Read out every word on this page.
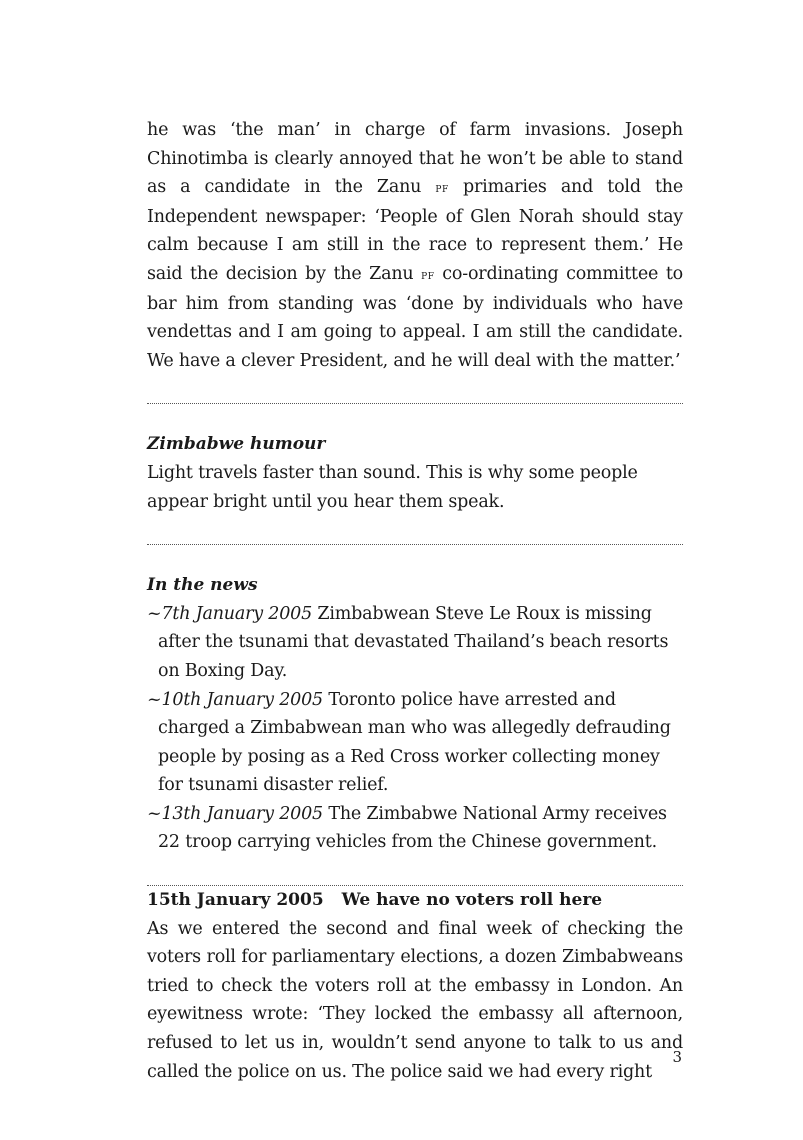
he was ‘the man’ in charge of farm invasions. Joseph Chinotimba is clearly annoyed that he won’t be able to stand as a candidate in the Zanu pf primaries and told the Independent newspaper: ‘People of Glen Norah should stay calm because I am still in the race to represent them.’ He said the decision by the Zanu pf co-ordinating committee to bar him from standing was ‘done by individuals who have vendettas and I am going to appeal. I am still the candidate. We have a clever President, and he will deal with the matter.’

Zimbabwe humour

Light travels faster than sound. This is why some people appear bright until you hear them speak.

In the news

~7th January 2005 Zimbabwean Steve Le Roux is missing after the tsunami that devastated Thailand’s beach resorts on Boxing Day.
~10th January 2005 Toronto police have arrested and charged a Zimbabwean man who was allegedly defrauding people by posing as a Red Cross worker collecting money for tsunami disaster relief.
~13th January 2005 The Zimbabwe National Army receives 22 troop carrying vehicles from the Chinese government.

15th January 2005 We have no voters roll here

As we entered the second and final week of checking the voters roll for parliamentary elections, a dozen Zimbabweans tried to check the voters roll at the embassy in London. An eyewitness wrote: ‘They locked the embassy all afternoon, refused to let us in, wouldn’t send anyone to talk to us and called the police on us. The police said we had every right

3
